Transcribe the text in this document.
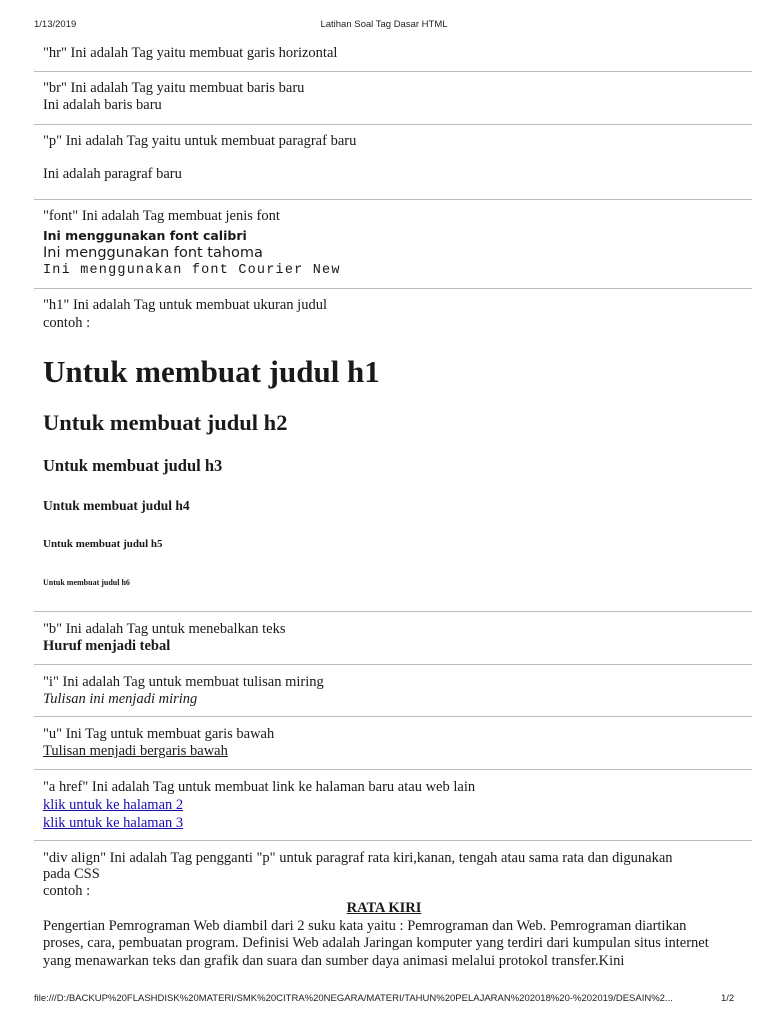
1/13/2019	Latihan Soal Tag Dasar HTML
"hr" Ini adalah Tag yaitu membuat garis horizontal
"br" Ini adalah Tag yaitu membuat baris baru
Ini adalah baris baru
"p" Ini adalah Tag yaitu untuk membuat paragraf baru
Ini adalah paragraf baru
"font" Ini adalah Tag membuat jenis font
Ini menggunakan font calibri
Ini menggunakan font tahoma
Ini menggunakan font Courier New
"h1" Ini adalah Tag untuk membuat ukuran judul
contoh :
Untuk membuat judul h1
Untuk membuat judul h2
Untuk membuat judul h3
Untuk membuat judul h4
Untuk membuat judul h5
Untuk membuat judul h6
"b" Ini adalah Tag untuk menebalkan teks
Huruf menjadi tebal
"i" Ini adalah Tag untuk membuat tulisan miring
Tulisan ini menjadi miring
"u" Ini Tag untuk membuat garis bawah
Tulisan menjadi bergaris bawah
"a href" Ini adalah Tag untuk membuat link ke halaman baru atau web lain
klik untuk ke halaman 2
klik untuk ke halaman 3
"div align" Ini adalah Tag pengganti "p" untuk paragraf rata kiri,kanan, tengah atau sama rata dan digunakan
pada CSS
contoh :
RATA KIRI
Pengertian Pemrograman Web diambil dari 2 suku kata yaitu : Pemrograman dan Web. Pemrograman diartikan proses, cara, pembuatan program. Definisi Web adalah Jaringan komputer yang terdiri dari kumpulan situs internet yang menawarkan teks dan grafik dan suara dan sumber daya animasi melalui protokol transfer.Kini
file:///D:/BACKUP%20FLASHDISK%20MATERI/SMK%20CITRA%20NEGARA/MATERI/TAHUN%20PELAJARAN%202018%20-%202019/DESAIN%2...	1/2
